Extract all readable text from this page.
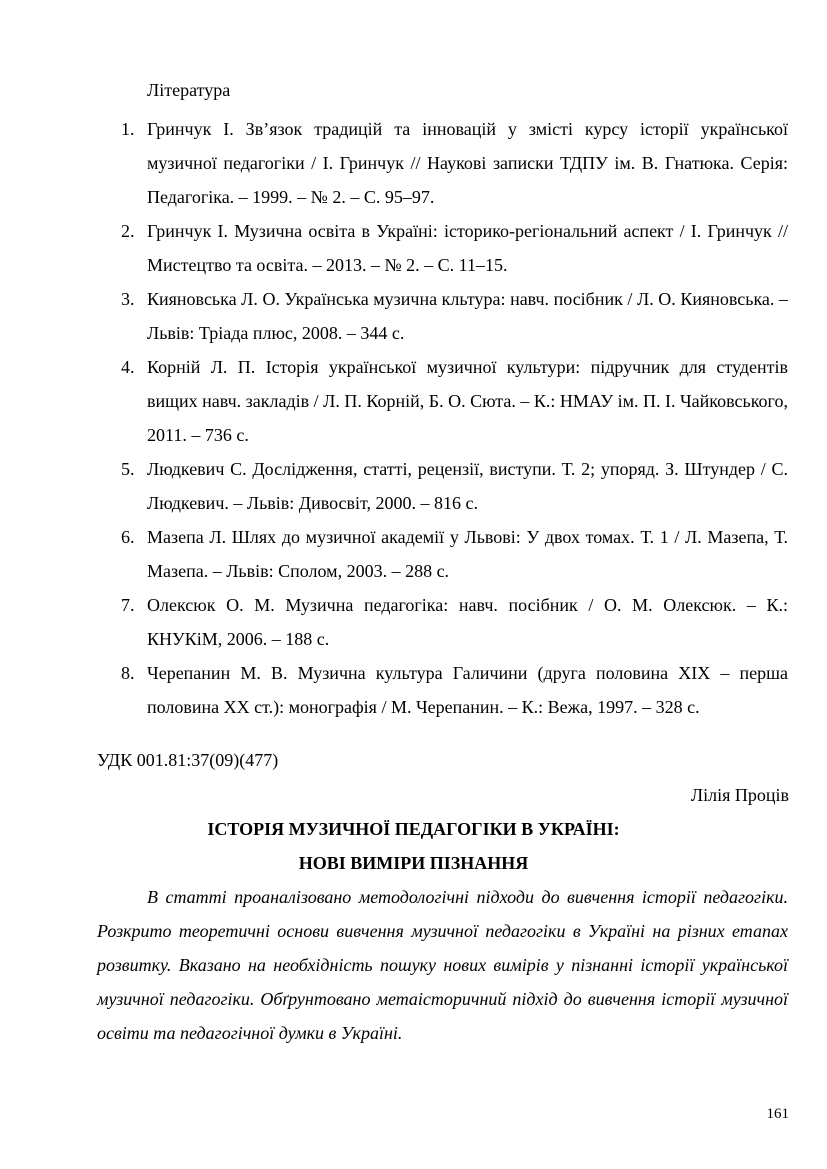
Література
1. Гринчук І. Зв’язок традицій та інновацій у змісті курсу історії української музичної педагогіки / І. Гринчук // Наукові записки ТДПУ ім. В. Гнатюка. Серія: Педагогіка. – 1999. – № 2. – С. 95–97.
2. Гринчук І. Музична освіта в Україні: історико-регіональний аспект / І. Гринчук // Мистецтво та освіта. – 2013. – № 2. – С. 11–15.
3. Кияновська Л. О. Українська музична кльтура: навч. посібник / Л. О. Кияновська. – Львів: Тріада плюс, 2008. – 344 с.
4. Корній Л. П. Історія української музичної культури: підручник для студентів вищих навч. закладів / Л. П. Корній, Б. О. Сюта. – К.: НМАУ ім. П. І. Чайковського, 2011. – 736 с.
5. Людкевич С. Дослідження, статті, рецензії, виступи. Т. 2; упоряд. З. Штундер / С. Людкевич. – Львів: Дивосвіт, 2000. – 816 с.
6. Мазепа Л. Шлях до музичної академії у Львові: У двох томах. Т. 1 / Л. Мазепа, Т. Мазепа. – Львів: Сполом, 2003. – 288 с.
7. Олексюк О. М. Музична педагогіка: навч. посібник / О. М. Олексюк. – К.: КНУКіМ, 2006. – 188 с.
8. Черепанин М. В. Музична культура Галичини (друга половина XIX – перша половина XX ст.): монографія / М. Черепанин. – К.: Вежа, 1997. – 328 с.
УДК 001.81:37(09)(477)
Лілія Проців
ІСТОРІЯ МУЗИЧНОЇ ПЕДАГОГІКИ В УКРАЇНІ:
НОВІ ВИМІРИ ПІЗНАННЯ

В статті проаналізовано методологічні підходи до вивчення історії педагогіки. Розкрито теоретичні основи вивчення музичної педагогіки в Україні на різних етапах розвитку. Вказано на необхідність пошуку нових вимірів у пізнанні історії української музичної педагогіки. Обґрунтовано метаісторичний підхід до вивчення історії музичної освіти та педагогічної думки в Україні.

161
